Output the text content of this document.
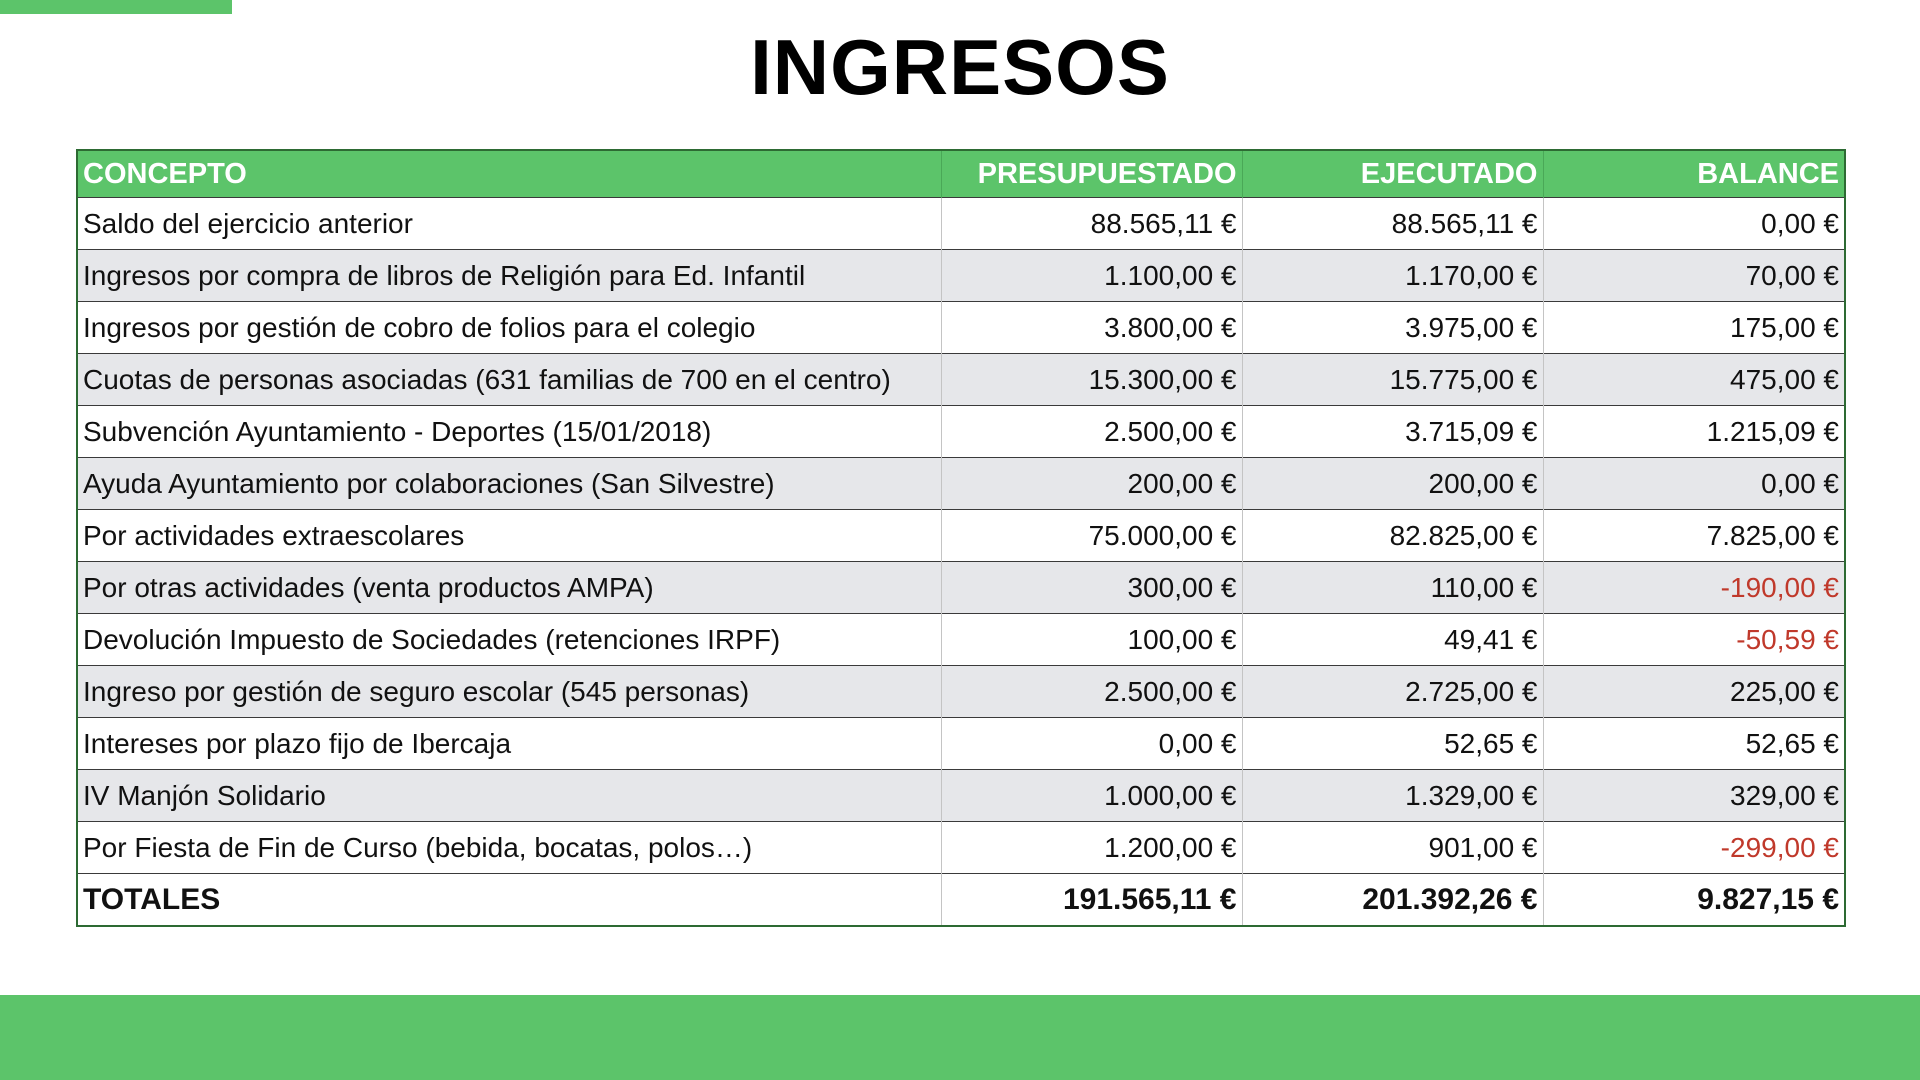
INGRESOS
CONCEPTO	PRESUPUESTADO	EJECUTADO	BALANCE
Saldo del ejercicio anterior	88.565,11 €	88.565,11 €	0,00 €
Ingresos por compra de libros de Religión para Ed. Infantil	1.100,00 €	1.170,00 €	70,00 €
Ingresos por gestión de cobro de folios para el colegio	3.800,00 €	3.975,00 €	175,00 €
Cuotas de personas asociadas (631 familias de 700 en el centro)	15.300,00 €	15.775,00 €	475,00 €
Subvención Ayuntamiento - Deportes (15/01/2018)	2.500,00 €	3.715,09 €	1.215,09 €
Ayuda Ayuntamiento por colaboraciones (San Silvestre)	200,00 €	200,00 €	0,00 €
Por actividades extraescolares	75.000,00 €	82.825,00 €	7.825,00 €
Por otras actividades (venta productos AMPA)	300,00 €	110,00 €	-190,00 €
Devolución Impuesto de Sociedades (retenciones IRPF)	100,00 €	49,41 €	-50,59 €
Ingreso por gestión de seguro escolar (545 personas)	2.500,00 €	2.725,00 €	225,00 €
Intereses por plazo fijo de Ibercaja	0,00 €	52,65 €	52,65 €
IV Manjón Solidario	1.000,00 €	1.329,00 €	329,00 €
Por Fiesta de Fin de Curso (bebida, bocatas, polos…)	1.200,00 €	901,00 €	-299,00 €
TOTALES	191.565,11 €	201.392,26 €	9.827,15 €
